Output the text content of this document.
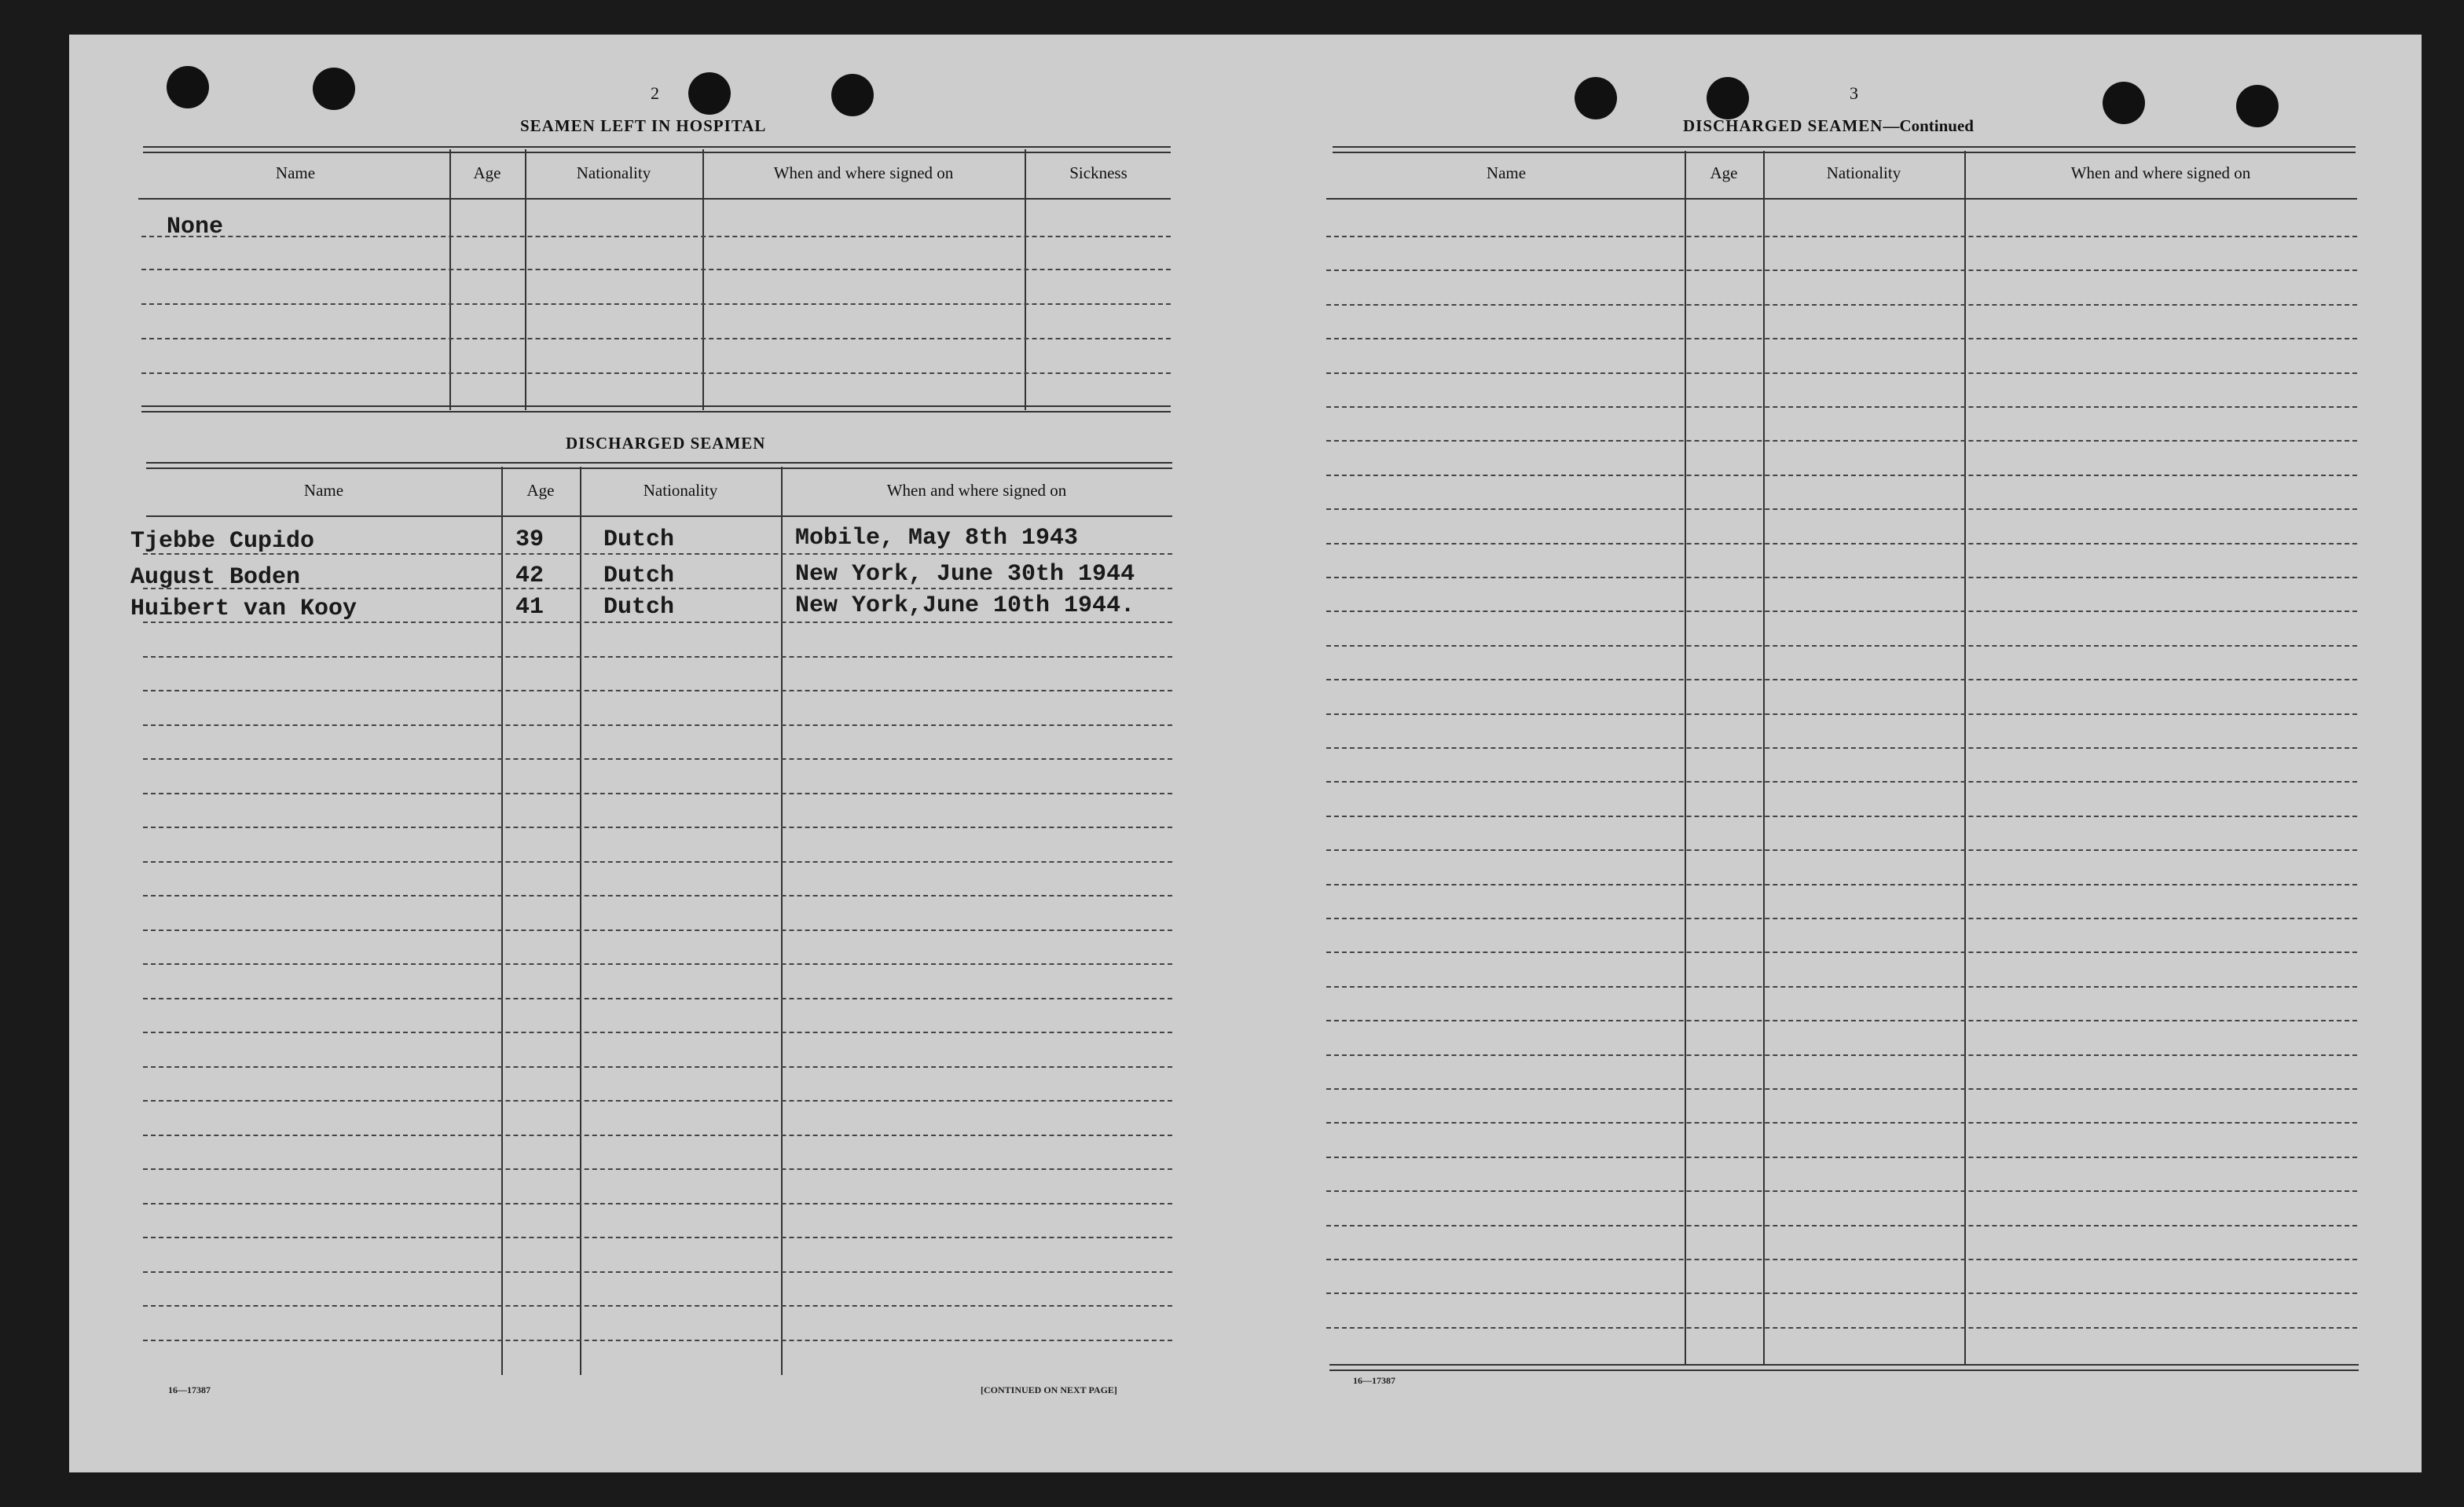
2
SEAMEN LEFT IN HOSPITAL
Name	Age	Nationality	When and where signed on	Sickness
None
DISCHARGED SEAMEN
Name	Age	Nationality	When and where signed on
Tjebbe Cupido	39	Dutch	Mobile, May 8th 1943
August Boden	42	Dutch	New York, June 30th 1944
Huibert van Kooy	41	Dutch	New York,June 10th 1944.
16—17387	[CONTINUED ON NEXT PAGE]
3
DISCHARGED SEAMEN—Continued
Name	Age	Nationality	When and where signed on
16—17387
